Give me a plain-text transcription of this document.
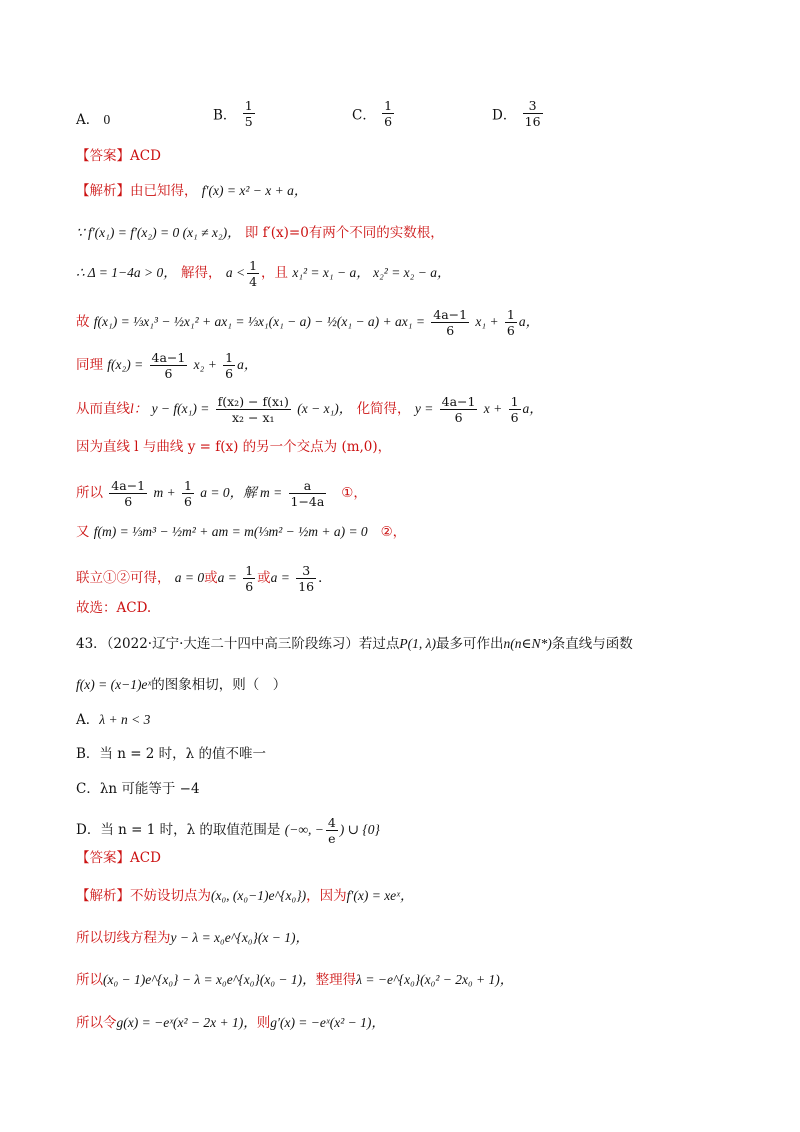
A． 0	B． $\frac{1}{5}$	C． $\frac{1}{6}$	D． $\frac{3}{16}$
【答案】ACD
【解析】由已知得， f′(x) = x² − x + a，
∵ f′(x₁) = f′(x₂) = 0 (x₁ ≠ x₂)， 即 f′(x)=0有两个不同的实数根，
∴ Δ = 1−4a > 0， 解得， $a < \frac{1}{4}$ ，且 x₁² = x₁ − a， x₂² = x₂ − a，
故 f(x₁) = ⅓x₁³ − ½x₁² + ax₁ = ⅓x₁(x₁ − a) − ½(x₁ − $a) + ax_1 = \frac{4a-1}{6} x_1 + \frac{1}{6}$ a，
同理 $f(x_2) = \frac{4a-1}{6} x_2 + \frac{1}{6}$ a，
从而直线l： $y - f(x_1) = \frac{\text{f(x₂) − f(x₁)}}{\text{x₂ − x₁}} (x - x_1)$， 化简得， $y = \frac{4a-1}{6}$ $x + \frac{1}{6}$ a，
因为直线 l 与曲线 y = f(x) 的另一个交点为 (m,0)，
所以 $\frac{4a-1}{6}$ $m + \frac{1}{6}$ a = 0，解 $m = \frac{a}{1-4a}$ ①，
又 f(m) = ⅓m³ − ½m² + am = m(⅓m² − ½m + a) = 0 ②，
联立①②可得， a = 0或$a = \frac{1}{6}$ 或$a = \frac{3}{16}$ ．
故选：ACD.
43．（2022·辽宁·大连二十四中高三阶段练习）若过点P(1, λ)最多可作出n(n∈N*)条直线与函数
f(x) = (x−1)eˣ的图象相切，则（　）
A．λ + n < 3
B．当 n = 2 时，λ 的值不唯一
C．λn 可能等于 −4
D．当 n = 1 时，λ 的取值范围是 (−∞, − $\frac{4}{e}$ ) ∪ {0}
【答案】ACD
【解析】不妨设切点为(x₀, (x₀−1)e^{x₀})，因为f′(x) = xeˣ，
所以切线方程为y − λ = x₀e^{x₀}(x − 1)，
所以(x₀ − 1)e^{x₀} − λ = x₀e^{x₀}(x₀ − 1)，整理得λ = −e^{x₀}(x₀² − 2x₀ + 1)，
所以令g(x) = −eˣ(x² − 2x + 1)，则g′(x) = −eˣ(x² − 1)，
